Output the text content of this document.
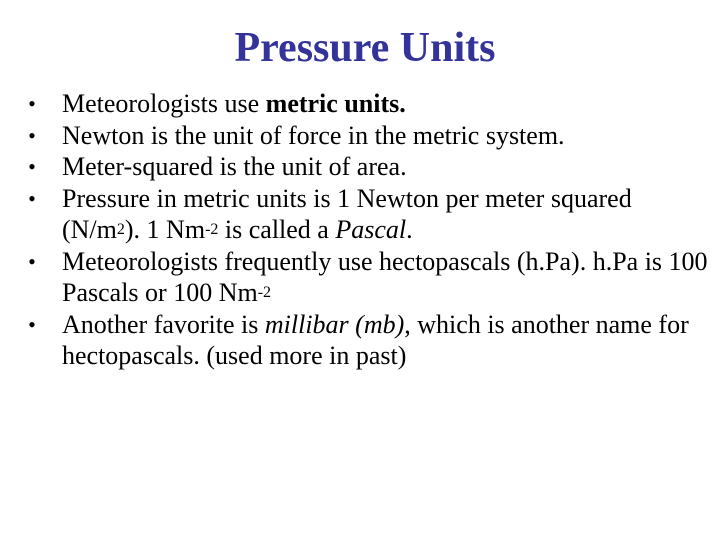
Pressure Units
• Meteorologists use metric units.
• Newton is the unit of force in the metric system.
• Meter-squared is the unit of area.
• Pressure in metric units is 1 Newton per meter squared $(N/m^2)$. 1 $Nm^{-2}$ is called a Pascal.
• Meteorologists frequently use hectopascals (h.Pa). h.Pa is 100 Pascals or 100 $Nm^{-2}$
• Another favorite is millibar (mb), which is another name for hectopascals. (used more in past)
